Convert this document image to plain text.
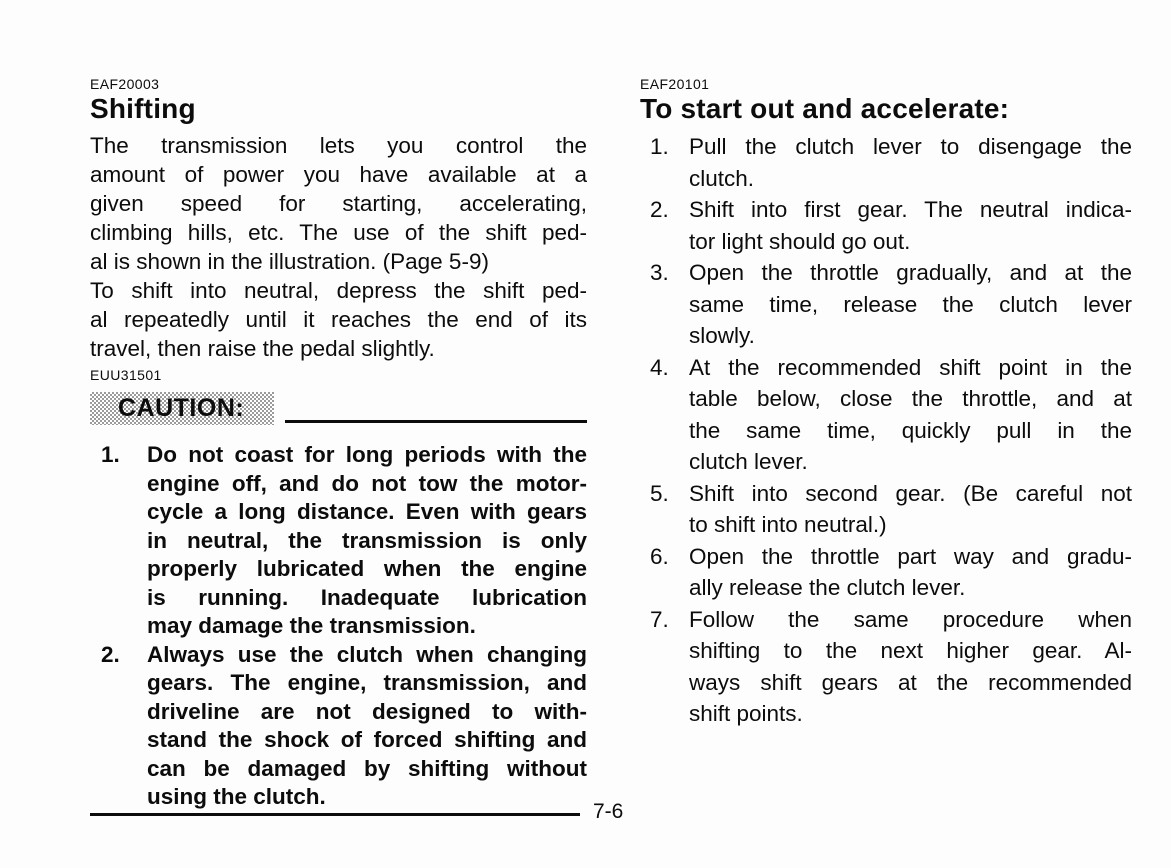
EAF20003
Shifting
The transmission lets you control the
amount of power you have available at a
given speed for starting, accelerating,
climbing hills, etc. The use of the shift ped-
al is shown in the illustration. (Page 5-9)
To shift into neutral, depress the shift ped-
al repeatedly until it reaches the end of its
travel, then raise the pedal slightly.
EUU31501
CAUTION:
1. Do not coast for long periods with the
engine off, and do not tow the motor-
cycle a long distance. Even with gears
in neutral, the transmission is only
properly lubricated when the engine
is running. Inadequate lubrication
may damage the transmission.
2. Always use the clutch when changing
gears. The engine, transmission, and
driveline are not designed to with-
stand the shock of forced shifting and
can be damaged by shifting without
using the clutch.
EAF20101
To start out and accelerate:
1. Pull the clutch lever to disengage the
clutch.
2. Shift into first gear. The neutral indica-
tor light should go out.
3. Open the throttle gradually, and at the
same time, release the clutch lever
slowly.
4. At the recommended shift point in the
table below, close the throttle, and at
the same time, quickly pull in the
clutch lever.
5. Shift into second gear. (Be careful not
to shift into neutral.)
6. Open the throttle part way and gradu-
ally release the clutch lever.
7. Follow the same procedure when
shifting to the next higher gear. Al-
ways shift gears at the recommended
shift points.
7-6
